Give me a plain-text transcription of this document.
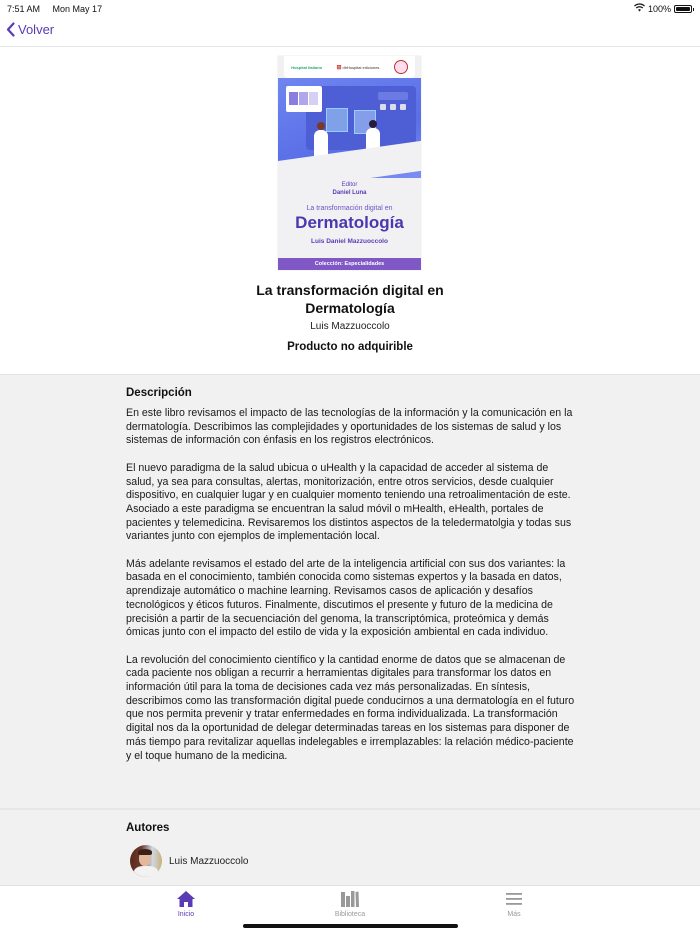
7:51 AM Mon May 17	100%
Volver
Hospital Italiano ⊞ dhHospital ediciones
Editor
Daniel Luna
La transformación digital en
Dermatología
Luis Daniel Mazzuoccolo
Colección: Especialidades
La transformación digital en
Dermatología
Luis Mazzuoccolo
Producto no adquirible
Descripción

En este libro revisamos el impacto de las tecnologías de la información y la comunicación en la dermatología. Describimos las complejidades y oportunidades de los sistemas de salud y los sistemas de información con énfasis en los registros electrónicos.

El nuevo paradigma de la salud ubicua o uHealth y la capacidad de acceder al sistema de salud, ya sea para consultas, alertas, monitorización, entre otros servicios, desde cualquier dispositivo, en cualquier lugar y en cualquier momento teniendo una retroalimentación de este. Asociado a este paradigma se encuentran la salud móvil o mHealth, eHealth, portales de pacientes y telemedicina. Revisaremos los distintos aspectos de la teledermatolgia y todas sus variantes junto con ejemplos de implementación local.

Más adelante revisamos el estado del arte de la inteligencia artificial con sus dos variantes: la basada en el conocimiento, también conocida como sistemas expertos y la basada en datos, aprendizaje automático o machine learning. Revisamos casos de aplicación y desafíos tecnológicos y éticos futuros. Finalmente, discutimos el presente y futuro de la medicina de precisión a partir de la secuenciación del genoma, la transcriptómica, proteómica y demás ómicas junto con el impacto del estilo de vida y la exposición ambiental en cada individuo.

La revolución del conocimiento científico y la cantidad enorme de datos que se almacenan de cada paciente nos obligan a recurrir a herramientas digitales para transformar los datos en información útil para la toma de decisiones cada vez más personalizadas. En síntesis, describimos como las transformación digital puede conducirnos a una dermatología en el futuro que nos permita prevenir y tratar enfermedades en forma individualizada. La transformación digital nos da la oportunidad de delegar determinadas tareas en los sistemas para disponer de más tiempo para revitalizar aquellas indelegables e irremplazables: la relación médico-paciente y el toque humano de la medicina.

Autores
Luis Mazzuoccolo
Inicio	Biblioteca	Más
